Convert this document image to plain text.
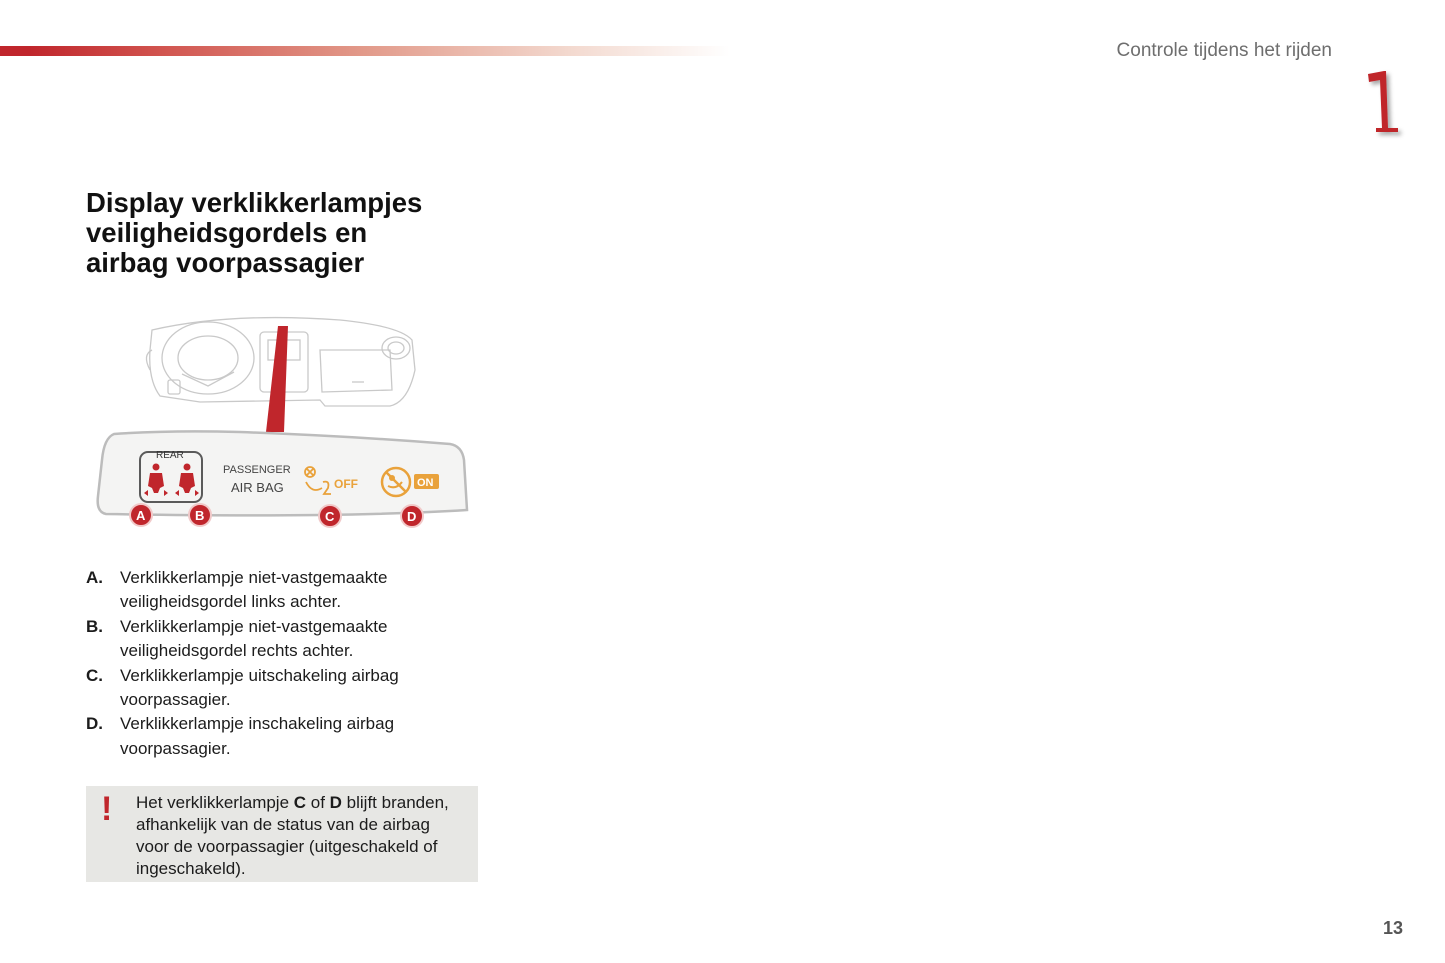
Controle tijdens het rijden
Display verklikkerlampjes
veiligheidsgordels en
airbag voorpassagier
REAR
PASSENGER
AIR BAG	OFF	ON
A	B	C	D
A. Verklikkerlampje niet-vastgemaakte veiligheidsgordel links achter.
B. Verklikkerlampje niet-vastgemaakte veiligheidsgordel rechts achter.
C. Verklikkerlampje uitschakeling airbag voorpassagier.
D. Verklikkerlampje inschakeling airbag voorpassagier.
! Het verklikkerlampje C of D blijft branden, afhankelijk van de status van de airbag voor de voorpassagier (uitgeschakeld of ingeschakeld).
13
